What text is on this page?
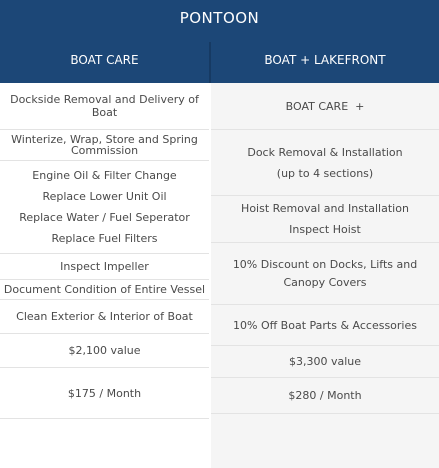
PONTOON
BOAT CARE	BOAT + LAKEFRONT
Dockside Removal and Delivery of
Boat
Winterize, Wrap, Store and Spring
Commission
Engine Oil & Filter Change
Replace Lower Unit Oil
Replace Water / Fuel Seperator
Replace Fuel Filters
Inspect Impeller
Document Condition of Entire Vessel
Clean Exterior & Interior of Boat
$2,100 value
$175 / Month
BOAT CARE  +
Dock Removal & Installation
(up to 4 sections)
Hoist Removal and Installation
Inspect Hoist
10% Discount on Docks, Lifts and
Canopy Covers
10% Off Boat Parts & Accessories
$3,300 value
$280 / Month
